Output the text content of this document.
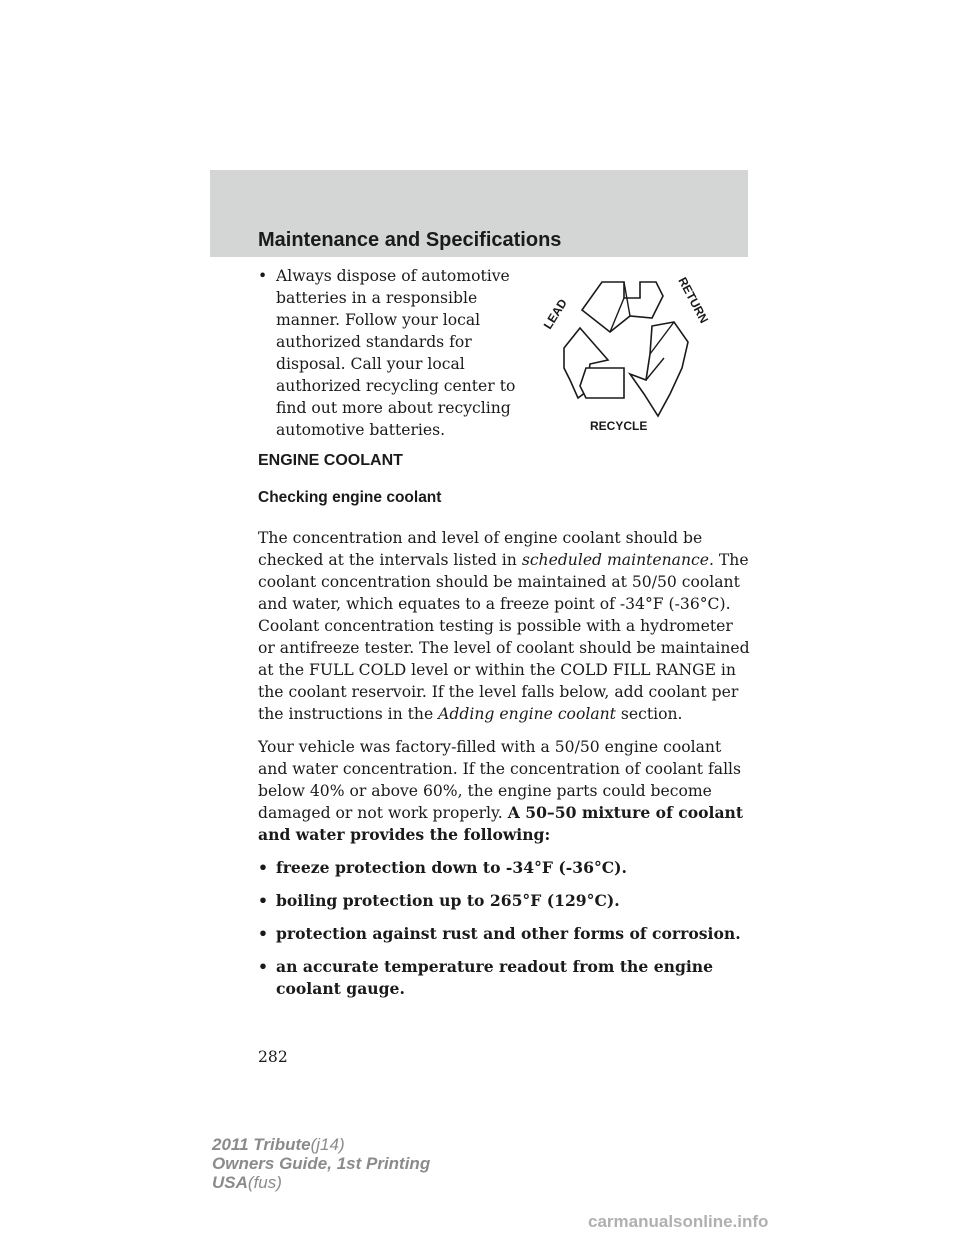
Maintenance and Specifications
• Always dispose of automotive batteries in a responsible manner. Follow your local authorized standards for disposal. Call your local authorized recycling center to find out more about recycling automotive batteries.
LEAD	RETURN
RECYCLE
ENGINE COOLANT
Checking engine coolant

The concentration and level of engine coolant should be checked at the intervals listed in scheduled maintenance. The coolant concentration should be maintained at 50/50 coolant and water, which equates to a freeze point of -34°F (-36°C). Coolant concentration testing is possible with a hydrometer or antifreeze tester. The level of coolant should be maintained at the FULL COLD level or within the COLD FILL RANGE in the coolant reservoir. If the level falls below, add coolant per the instructions in the Adding engine coolant section.

Your vehicle was factory-filled with a 50/50 engine coolant and water concentration. If the concentration of coolant falls below 40% or above 60%, the engine parts could become damaged or not work properly. A 50–50 mixture of coolant and water provides the following:

• freeze protection down to -34°F (-36°C).
• boiling protection up to 265°F (129°C).
• protection against rust and other forms of corrosion.
• an accurate temperature readout from the engine coolant gauge.
282
2011 Tribute(j14)
Owners Guide, 1st Printing
USA(fus)
carmanualsonline.info
